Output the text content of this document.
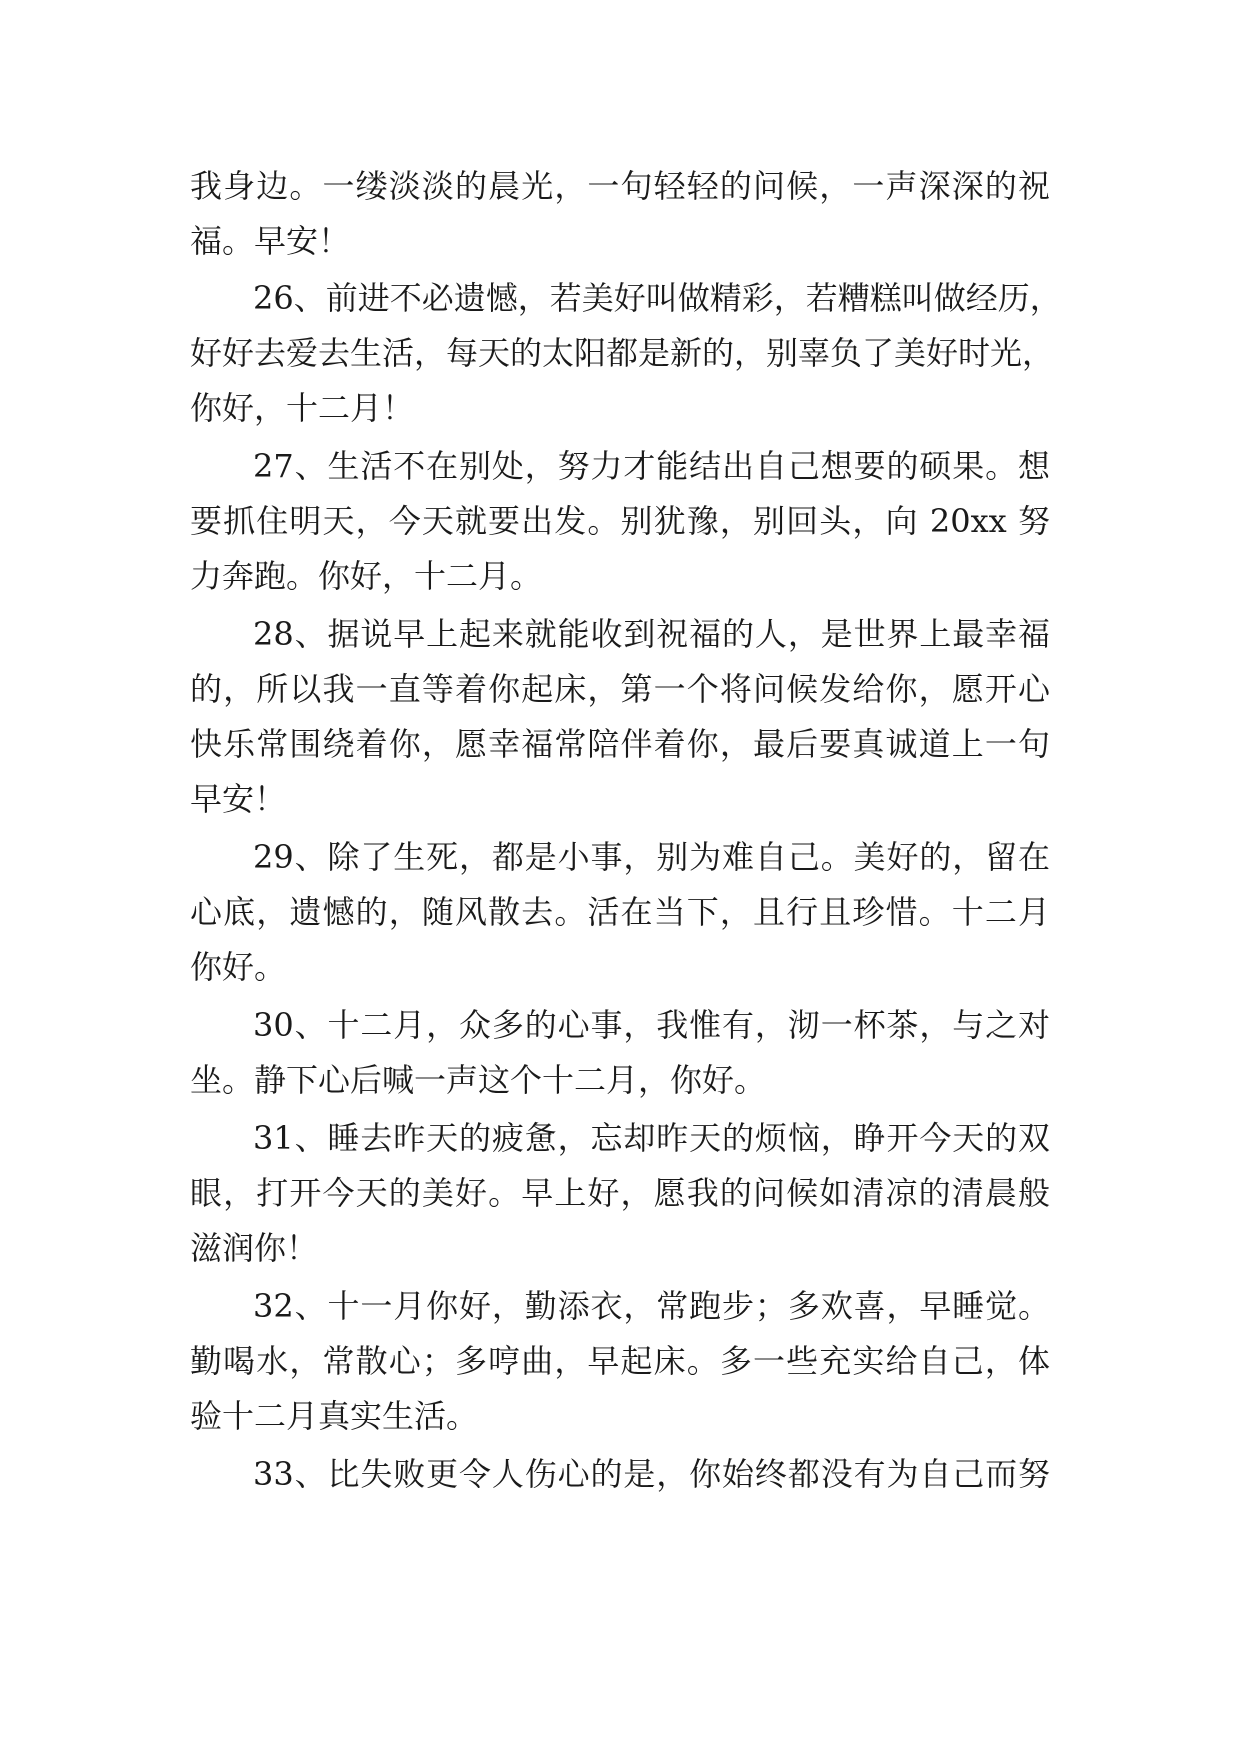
我身边。一缕淡淡的晨光，一句轻轻的问候，一声深深的祝
福。早安！
26、前进不必遗憾，若美好叫做精彩，若糟糕叫做经历，
好好去爱去生活，每天的太阳都是新的，别辜负了美好时光，
你好，十二月！
27、生活不在别处，努力才能结出自己想要的硕果。想
要抓住明天，今天就要出发。别犹豫，别回头，向 20xx 努
力奔跑。你好，十二月。
28、据说早上起来就能收到祝福的人，是世界上最幸福
的，所以我一直等着你起床，第一个将问候发给你，愿开心
快乐常围绕着你，愿幸福常陪伴着你，最后要真诚道上一句
早安！
29、除了生死，都是小事，别为难自己。美好的，留在
心底，遗憾的，随风散去。活在当下，且行且珍惜。十二月
你好。
30、十二月，众多的心事，我惟有，沏一杯茶，与之对
坐。静下心后喊一声这个十二月，你好。
31、睡去昨天的疲惫，忘却昨天的烦恼，睁开今天的双
眼，打开今天的美好。早上好，愿我的问候如清凉的清晨般
滋润你！
32、十一月你好，勤添衣，常跑步；多欢喜，早睡觉。
勤喝水，常散心；多哼曲，早起床。多一些充实给自己，体
验十二月真实生活。
33、比失败更令人伤心的是，你始终都没有为自己而努
